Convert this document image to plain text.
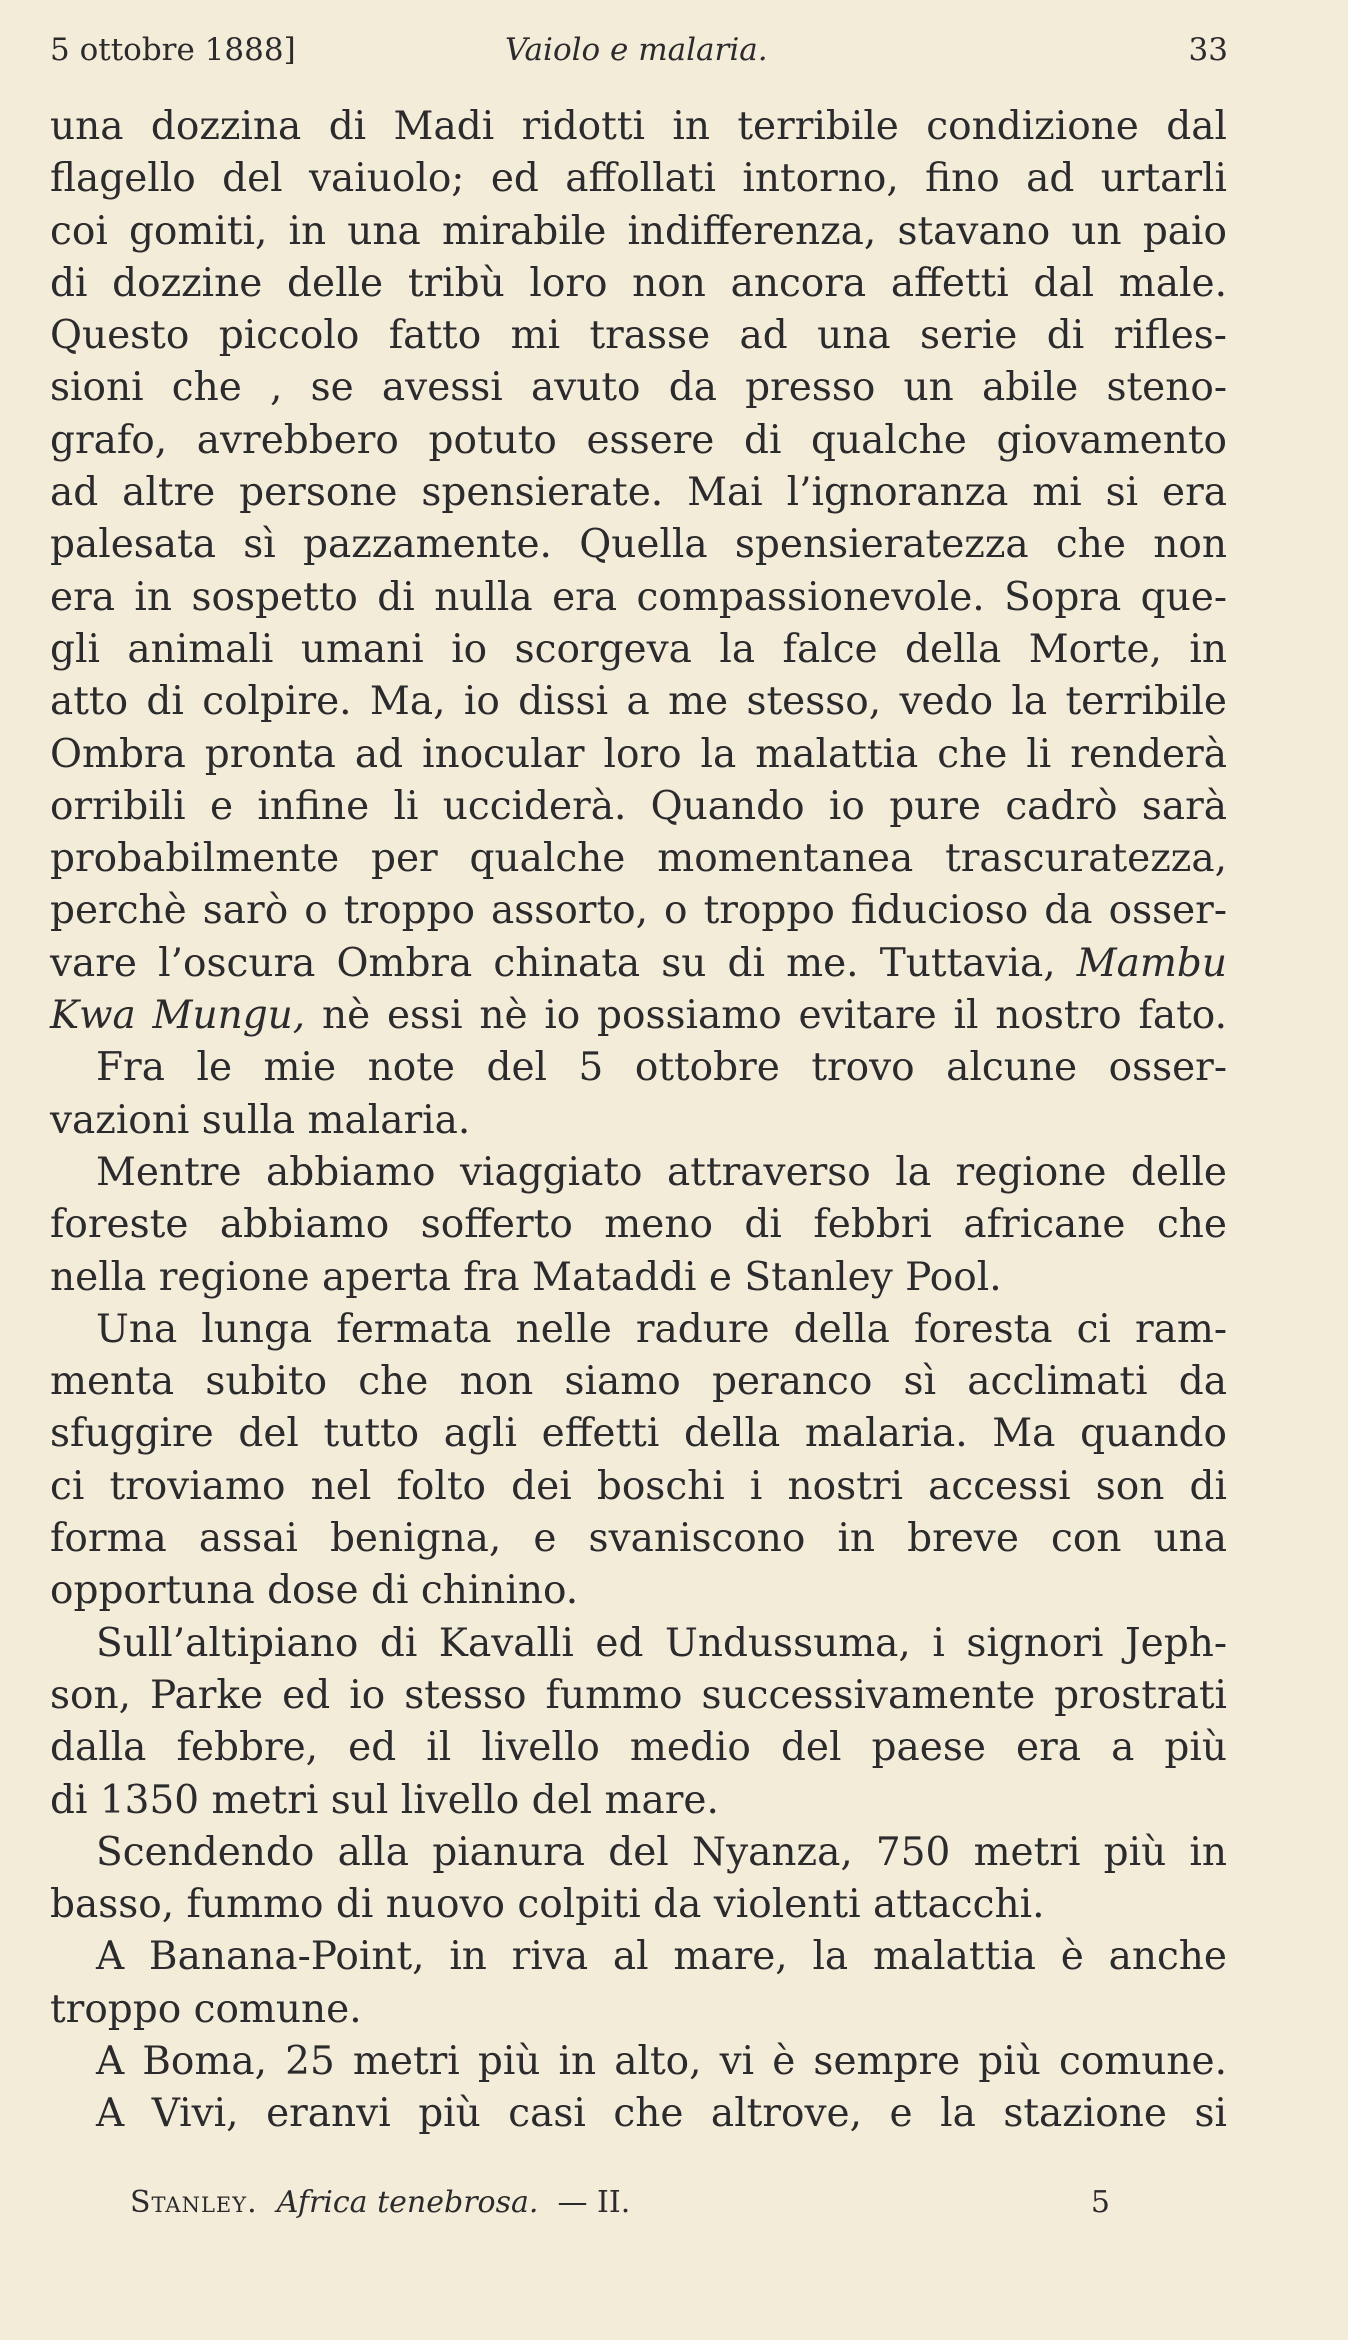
5 ottobre 1888]	Vaiolo e malaria.	33
una dozzina di Madi ridotti in terribile condizione dal
flagello del vaiuolo; ed affollati intorno, fino ad urtarli
coi gomiti, in una mirabile indifferenza, stavano un paio
di dozzine delle tribù loro non ancora affetti dal male.
Questo piccolo fatto mi trasse ad una serie di rifles-
sioni che , se avessi avuto da presso un abile steno-
grafo, avrebbero potuto essere di qualche giovamento
ad altre persone spensierate. Mai l’ignoranza mi si era
palesata sì pazzamente. Quella spensieratezza che non
era in sospetto di nulla era compassionevole. Sopra que-
gli animali umani io scorgeva la falce della Morte, in
atto di colpire. Ma, io dissi a me stesso, vedo la terribile
Ombra pronta ad inocular loro la malattia che li renderà
orribili e infine li ucciderà. Quando io pure cadrò sarà
probabilmente per qualche momentanea trascuratezza,
perchè sarò o troppo assorto, o troppo fiducioso da osser-
vare l’oscura Ombra chinata su di me. Tuttavia, Mambu
Kwa Mungu, nè essi nè io possiamo evitare il nostro fato.
Fra le mie note del 5 ottobre trovo alcune osser-
vazioni sulla malaria.
Mentre abbiamo viaggiato attraverso la regione delle
foreste abbiamo sofferto meno di febbri africane che
nella regione aperta fra Mataddi e Stanley Pool.
Una lunga fermata nelle radure della foresta ci ram-
menta subito che non siamo peranco sì acclimati da
sfuggire del tutto agli effetti della malaria. Ma quando
ci troviamo nel folto dei boschi i nostri accessi son di
forma assai benigna, e svaniscono in breve con una
opportuna dose di chinino.
Sull’altipiano di Kavalli ed Undussuma, i signori Jeph-
son, Parke ed io stesso fummo successivamente prostrati
dalla febbre, ed il livello medio del paese era a più
di 1350 metri sul livello del mare.
Scendendo alla pianura del Nyanza, 750 metri più in
basso, fummo di nuovo colpiti da violenti attacchi.
A Banana-Point, in riva al mare, la malattia è anche
troppo comune.
A Boma, 25 metri più in alto, vi è sempre più comune.
A Vivi, eranvi più casi che altrove, e la stazione si
Stanley. Africa tenebrosa. — II.	5
